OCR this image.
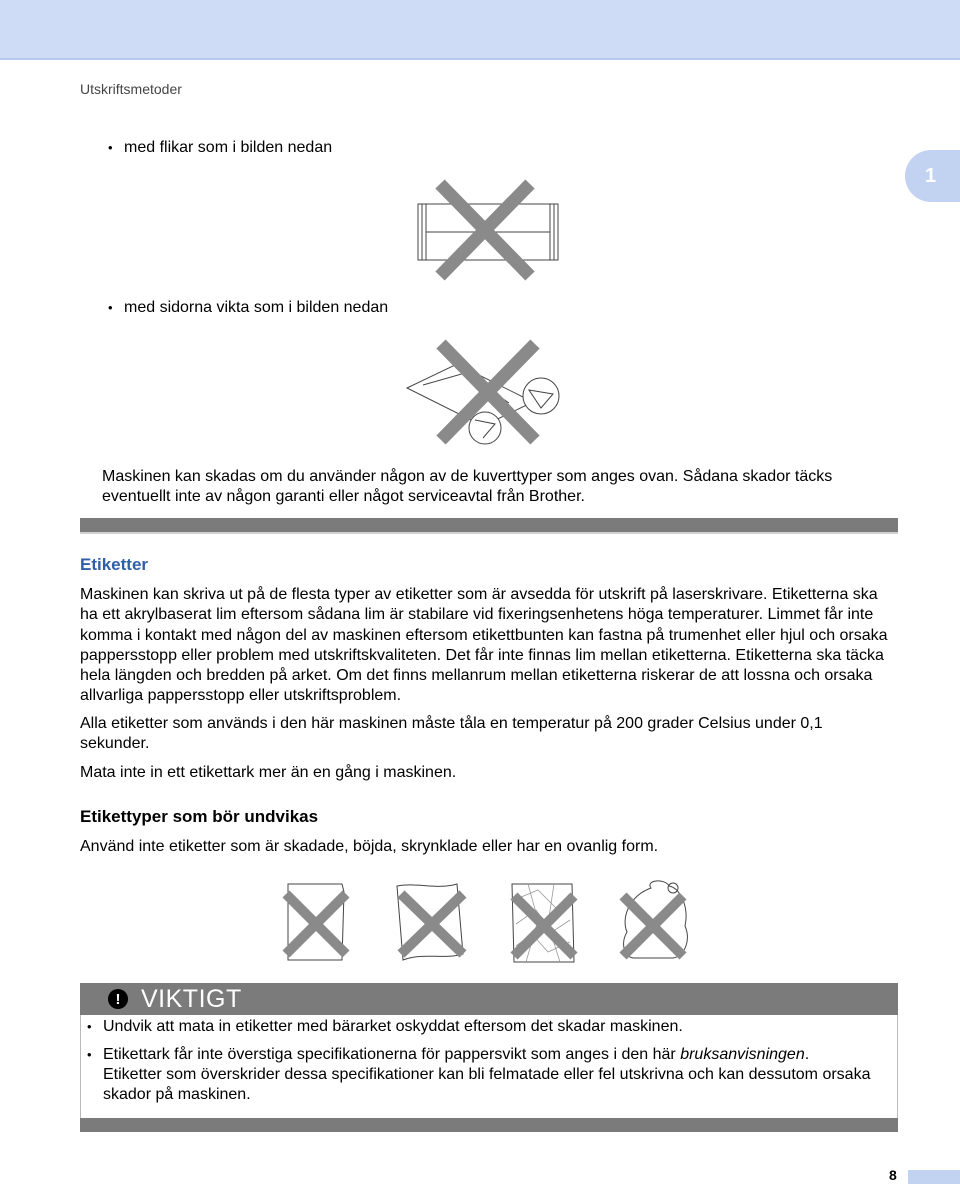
Utskriftsmetoder
1
• med flikar som i bilden nedan
• med sidorna vikta som i bilden nedan

Maskinen kan skadas om du använder någon av de kuverttyper som anges ovan. Sådana skador täcks eventuellt inte av någon garanti eller något serviceavtal från Brother.

Etiketter

Maskinen kan skriva ut på de flesta typer av etiketter som är avsedda för utskrift på laserskrivare. Etiketterna ska ha ett akrylbaserat lim eftersom sådana lim är stabilare vid fixeringsenhetens höga temperaturer. Limmet får inte komma i kontakt med någon del av maskinen eftersom etikettbunten kan fastna på trumenhet eller hjul och orsaka pappersstopp eller problem med utskriftskvaliteten. Det får inte finnas lim mellan etiketterna. Etiketterna ska täcka hela längden och bredden på arket. Om det finns mellanrum mellan etiketterna riskerar de att lossna och orsaka allvarliga pappersstopp eller utskriftsproblem.

Alla etiketter som används i den här maskinen måste tåla en temperatur på 200 grader Celsius under 0,1 sekunder.

Mata inte in ett etikettark mer än en gång i maskinen.

Etikettyper som bör undvikas

Använd inte etiketter som är skadade, böjda, skrynklade eller har en ovanlig form.

! VIKTIGT
• Undvik att mata in etiketter med bärarket oskyddat eftersom det skadar maskinen.
• Etikettark får inte överstiga specifikationerna för pappersvikt som anges i den här bruksanvisningen.
Etiketter som överskrider dessa specifikationer kan bli felmatade eller fel utskrivna och kan dessutom orsaka skador på maskinen.
8
